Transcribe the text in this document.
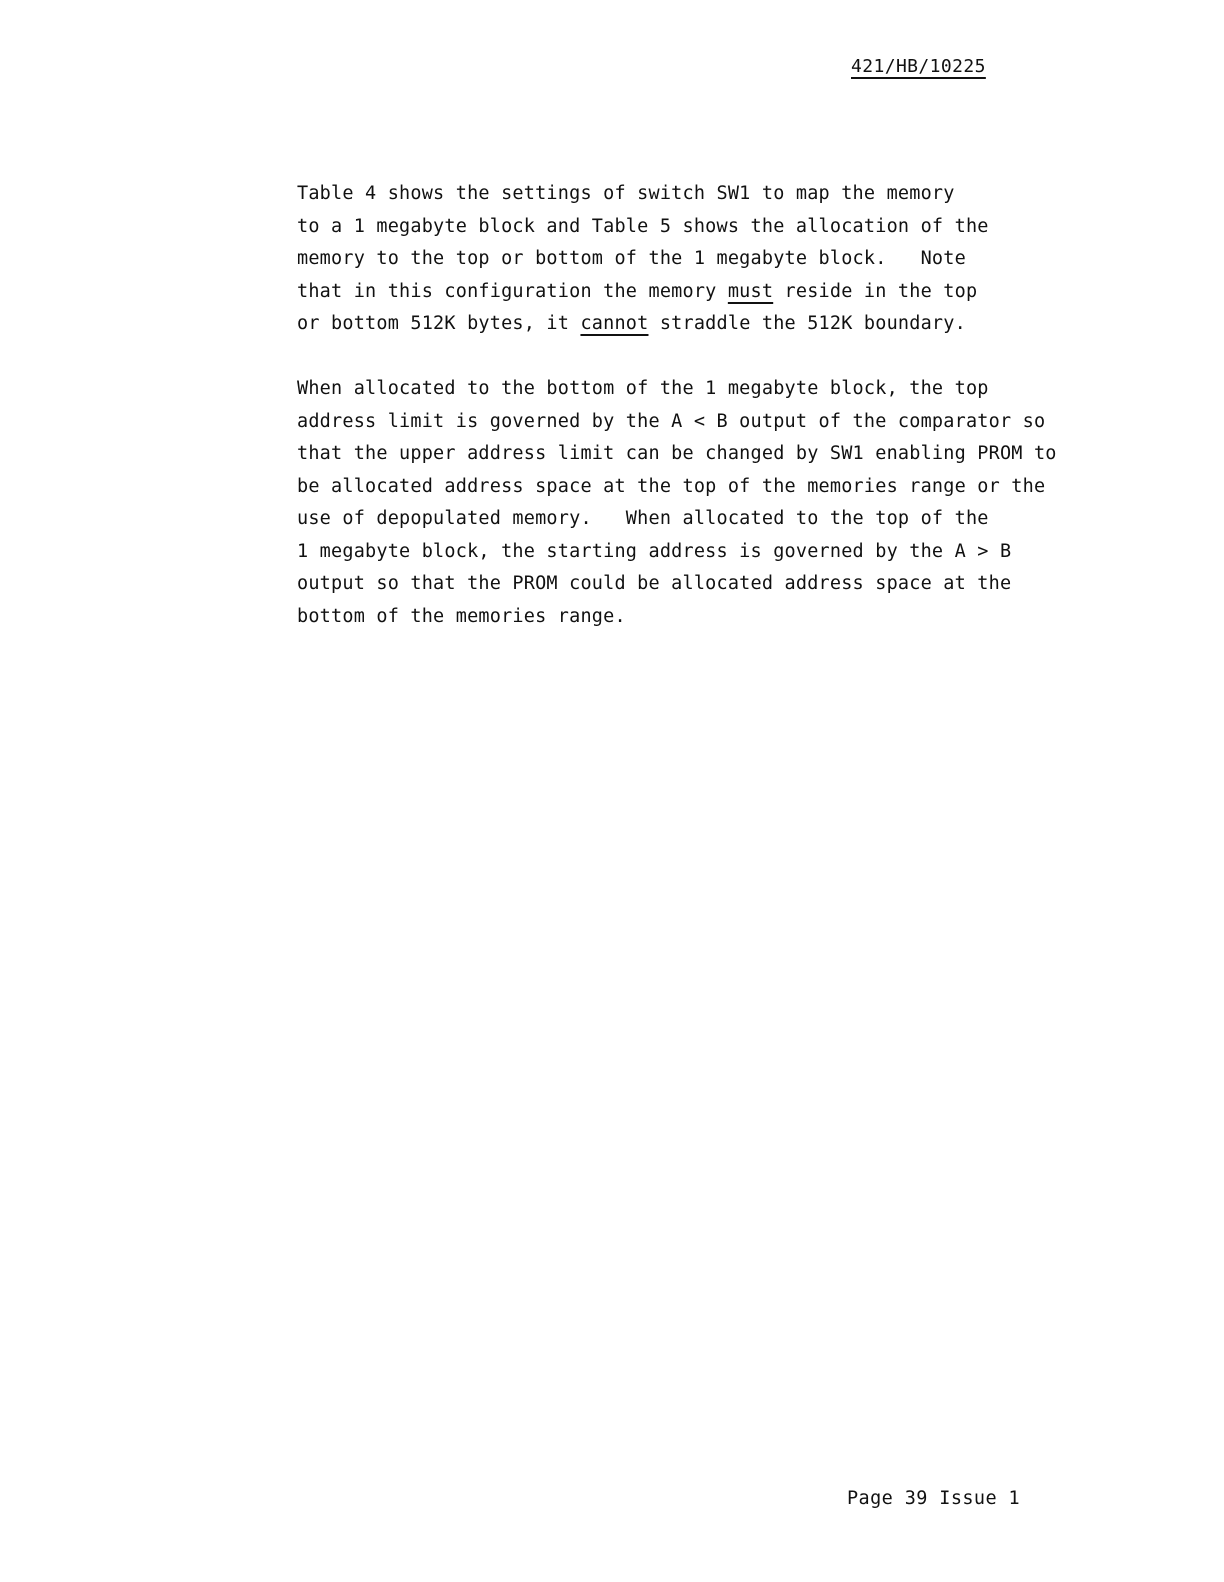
421/HB/10225
Table 4 shows the settings of switch SW1 to map the memory
to a 1 megabyte block and Table 5 shows the allocation of the
memory to the top or bottom of the 1 megabyte block.   Note
that in this configuration the memory must reside in the top
or bottom 512K bytes, it cannot straddle the 512K boundary.
When allocated to the bottom of the 1 megabyte block, the top
address limit is governed by the A < B output of the comparator so
that the upper address limit can be changed by SW1 enabling PROM to
be allocated address space at the top of the memories range or the
use of depopulated memory.   When allocated to the top of the
1 megabyte block, the starting address is governed by the A > B
output so that the PROM could be allocated address space at the
bottom of the memories range.
Page 39 Issue 1
